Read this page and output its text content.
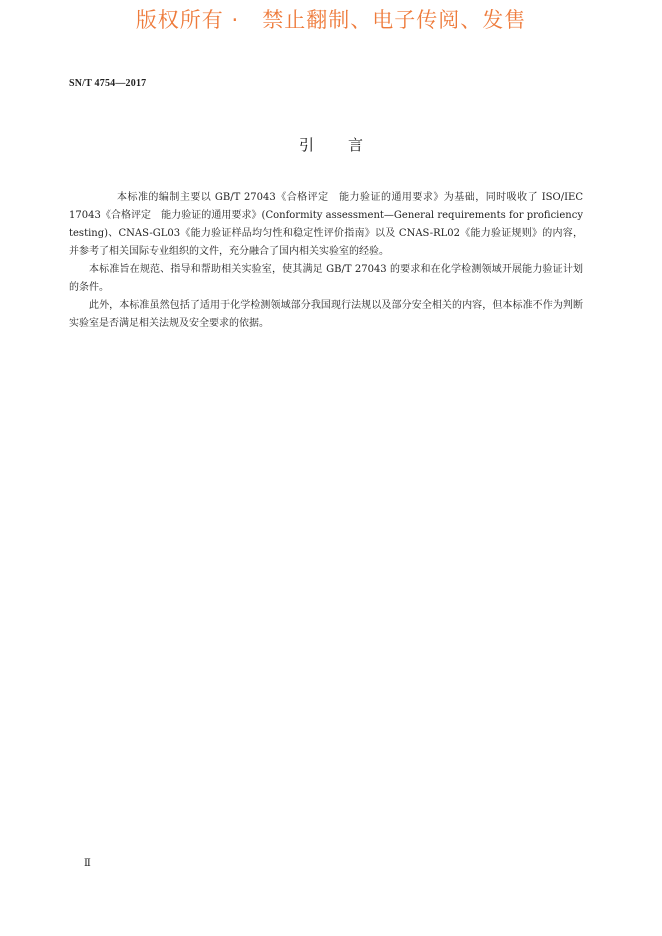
版权所有 ·   禁止翻制、电子传阅、发售
SN/T 4754—2017
引言

本标准的编制主要以 GB/T 27043《合格评定　能力验证的通用要求》为基础，同时吸收了 ISO/IEC 17043《合格评定　能力验证的通用要求》(Conformity assessment—General requirements for proficiency testing)、CNAS-GL03《能力验证样品均匀性和稳定性评价指南》以及 CNAS-RL02《能力验证规则》的内容，并参考了相关国际专业组织的文件，充分融合了国内相关实验室的经验。

本标准旨在规范、指导和帮助相关实验室，使其满足 GB/T 27043 的要求和在化学检测领域开展能力验证计划的条件。

此外，本标准虽然包括了适用于化学检测领域部分我国现行法规以及部分安全相关的内容，但本标准不作为判断实验室是否满足相关法规及安全要求的依据。

Ⅱ
